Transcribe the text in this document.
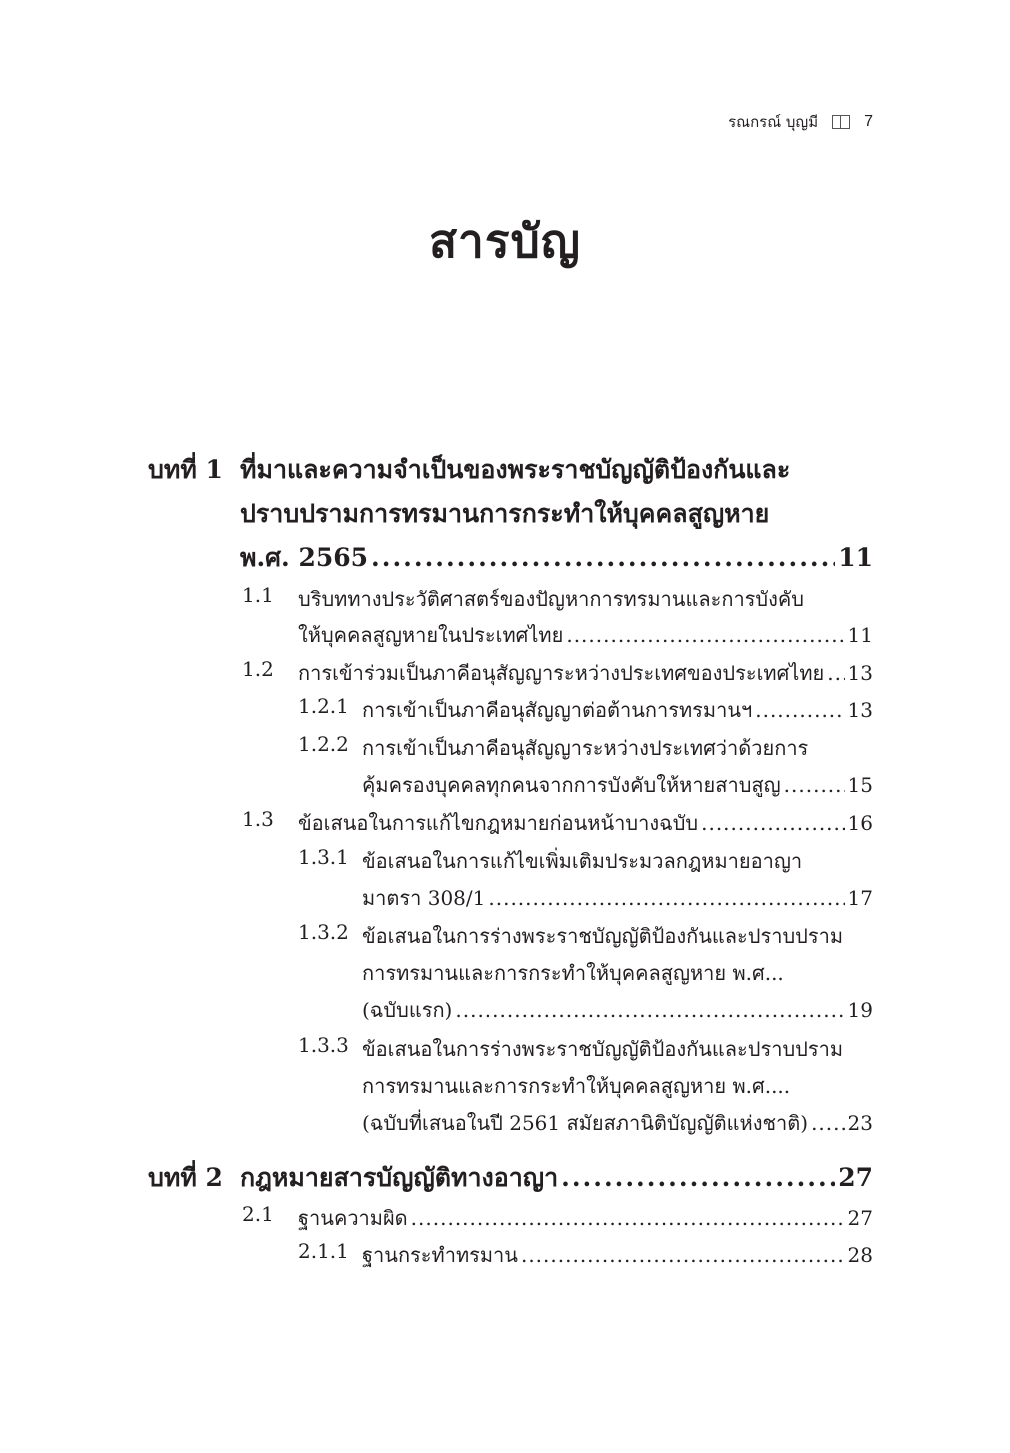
รณกรณ์ บุญมี	7
สารบัญ
บทที่ 1 ที่มาและความจำเป็นของพระราชบัญญัติป้องกันและ
ปราบปรามการทรมานการกระทำให้บุคคลสูญหาย
พ.ศ. 2565 .....	11
1.1 บริบททางประวัติศาสตร์ของปัญหาการทรมานและการบังคับ
ให้บุคคลสูญหายในประเทศไทย .....	11
1.2 การเข้าร่วมเป็นภาคีอนุสัญญาระหว่างประเทศของประเทศไทย ..... 13
1.2.1 การเข้าเป็นภาคีอนุสัญญาต่อต้านการทรมานฯ .....	13
1.2.2 การเข้าเป็นภาคีอนุสัญญาระหว่างประเทศว่าด้วยการ
คุ้มครองบุคคลทุกคนจากการบังคับให้หายสาบสูญ .....	15
1.3 ข้อเสนอในการแก้ไขกฎหมายก่อนหน้าบางฉบับ .....	16
1.3.1 ข้อเสนอในการแก้ไขเพิ่มเติมประมวลกฎหมายอาญา
มาตรา 308/1 .....	17
1.3.2 ข้อเสนอในการร่างพระราชบัญญัติป้องกันและปราบปราม
การทรมานและการกระทำให้บุคคลสูญหาย พ.ศ...
(ฉบับแรก) .....	19
1.3.3 ข้อเสนอในการร่างพระราชบัญญัติป้องกันและปราบปราม
การทรมานและการกระทำให้บุคคลสูญหาย พ.ศ....
(ฉบับที่เสนอในปี 2561 สมัยสภานิติบัญญัติแห่งชาติ) ..... 23
บทที่ 2 กฎหมายสารบัญญัติทางอาญา .....	27
2.1 ฐานความผิด .....	27
2.1.1 ฐานกระทำทรมาน .....	28
